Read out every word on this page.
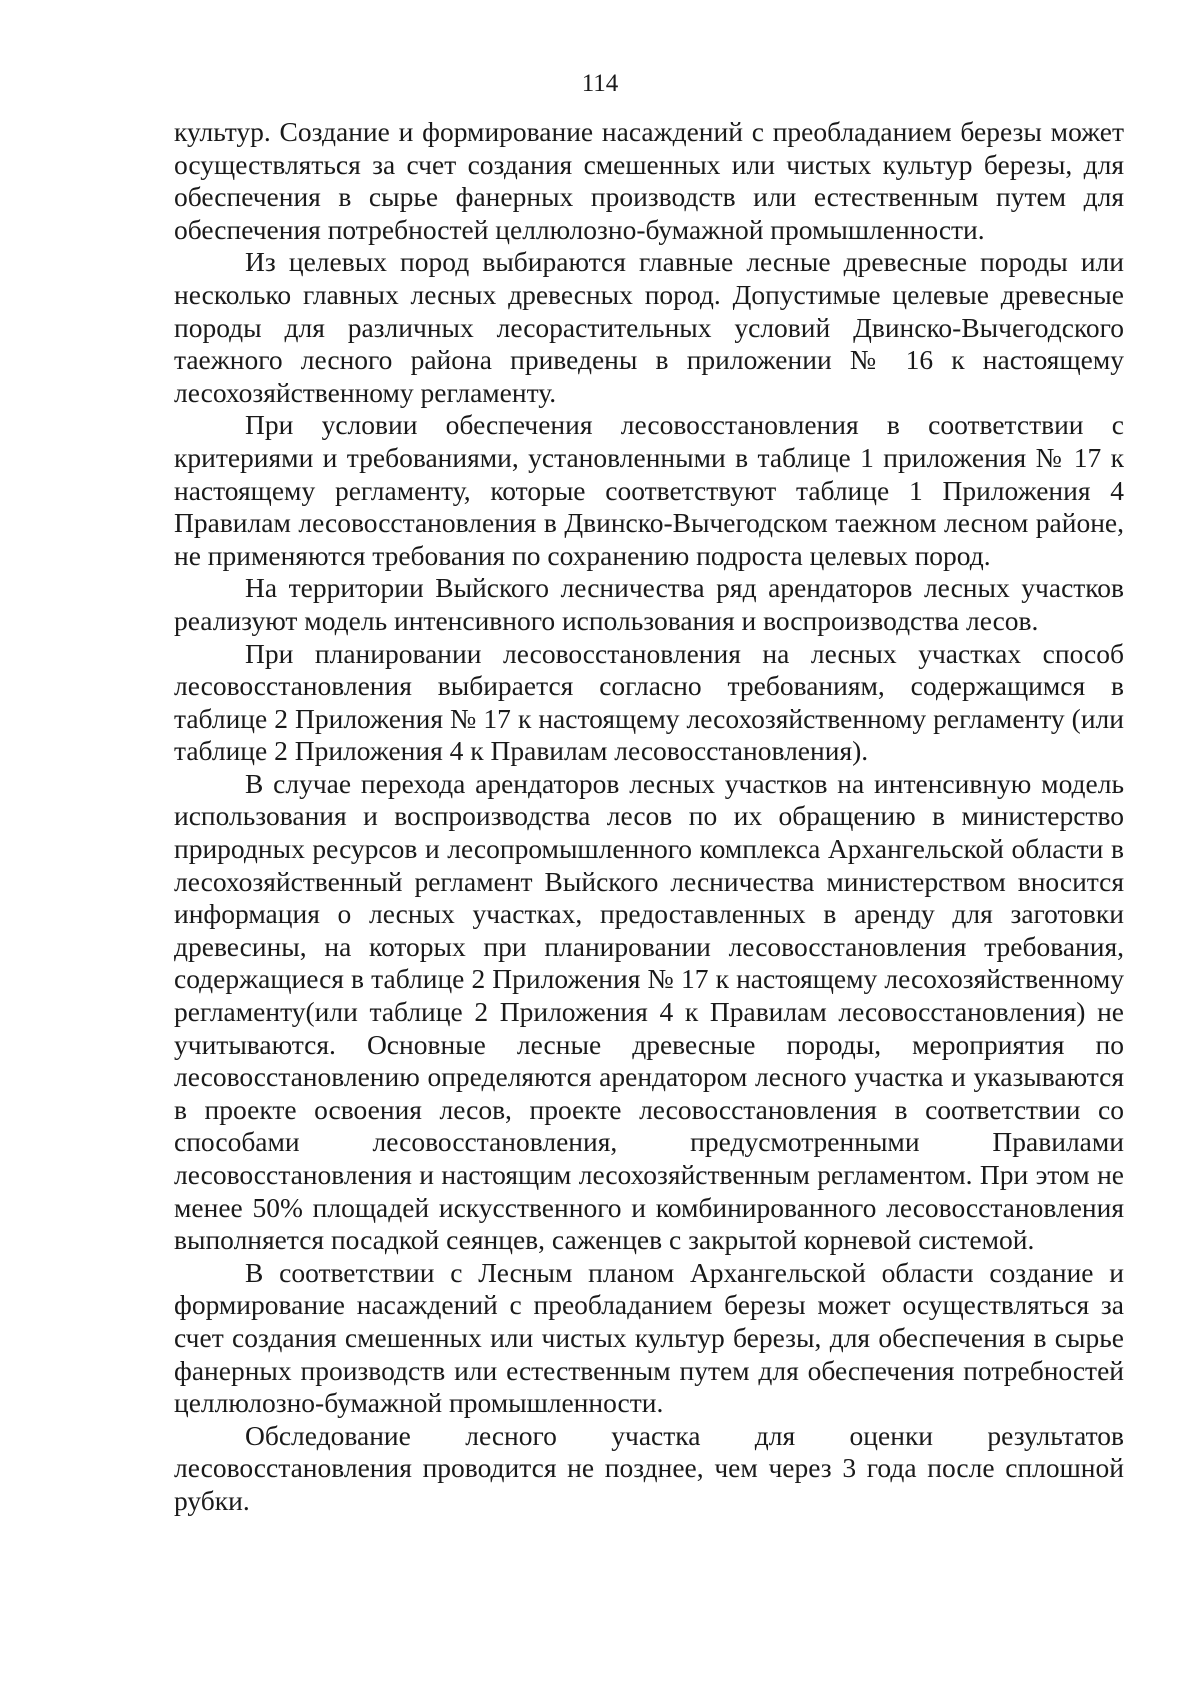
114

культур. Создание и формирование насаждений с преобладанием березы может осуществляться за счет создания смешенных или чистых культур березы, для обеспечения в сырье фанерных производств или естественным путем для обеспечения потребностей целлюлозно-бумажной промышленности.

Из целевых пород выбираются главные лесные древесные породы или несколько главных лесных древесных пород. Допустимые целевые древесные породы для различных лесорастительных условий Двинско-Вычегодского таежного лесного района приведены в приложении № 16 к настоящему лесохозяйственному регламенту.

При условии обеспечения лесовосстановления в соответствии с критериями и требованиями, установленными в таблице 1 приложения № 17 к настоящему регламенту, которые соответствуют таблице 1 Приложения 4 Правилам лесовосстановления в Двинско-Вычегодском таежном лесном районе, не применяются требования по сохранению подроста целевых пород.

На территории Выйского лесничества ряд арендаторов лесных участков реализуют модель интенсивного использования и воспроизводства лесов.

При планировании лесовосстановления на лесных участках способ лесовосстановления выбирается согласно требованиям, содержащимся в таблице 2 Приложения № 17 к настоящему лесохозяйственному регламенту (или таблице 2 Приложения 4 к Правилам лесовосстановления).

В случае перехода арендаторов лесных участков на интенсивную модель использования и воспроизводства лесов по их обращению в министерство природных ресурсов и лесопромышленного комплекса Архангельской области в лесохозяйственный регламент Выйского лесничества министерством вносится информация о лесных участках, предоставленных в аренду для заготовки древесины, на которых при планировании лесовосстановления требования, содержащиеся в таблице 2 Приложения № 17 к настоящему лесохозяйственному регламенту(или таблице 2 Приложения 4 к Правилам лесовосстановления) не учитываются. Основные лесные древесные породы, мероприятия по лесовосстановлению определяются арендатором лесного участка и указываются в проекте освоения лесов, проекте лесовосстановления в соответствии со способами лесовосстановления, предусмотренными Правилами лесовосстановления и настоящим лесохозяйственным регламентом. При этом не менее 50% площадей искусственного и комбинированного лесовосстановления выполняется посадкой сеянцев, саженцев с закрытой корневой системой.

В соответствии с Лесным планом Архангельской области создание и формирование насаждений с преобладанием березы может осуществляться за счет создания смешенных или чистых культур березы, для обеспечения в сырье фанерных производств или естественным путем для обеспечения потребностей целлюлозно-бумажной промышленности.

Обследование лесного участка для оценки результатов лесовосстановления проводится не позднее, чем через 3 года после сплошной рубки.
